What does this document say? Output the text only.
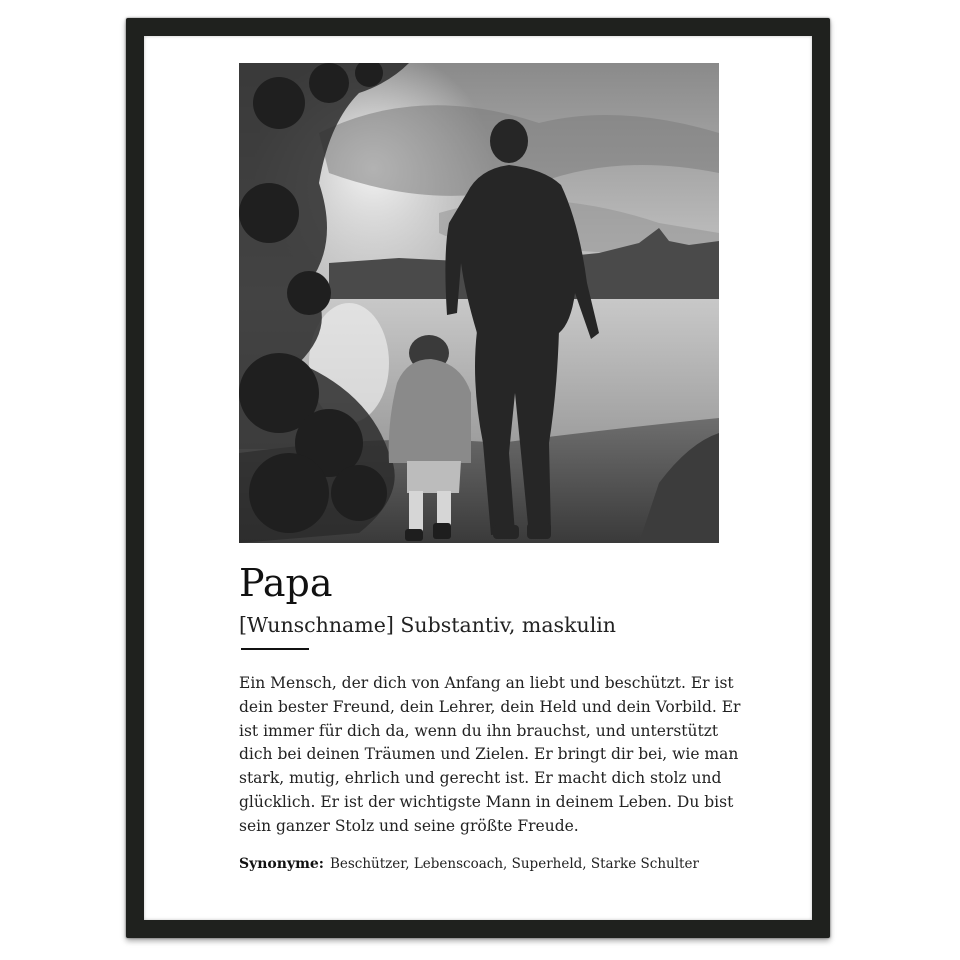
Papa
[Wunschname] Substantiv, maskulin
Ein Mensch, der dich von Anfang an liebt und beschützt. Er ist dein bester Freund, dein Lehrer, dein Held und dein Vorbild. Er ist immer für dich da, wenn du ihn brauchst, und unterstützt dich bei deinen Träumen und Zielen. Er bringt dir bei, wie man stark, mutig, ehrlich und gerecht ist. Er macht dich stolz und glücklich. Er ist der wichtigste Mann in deinem Leben. Du bist sein ganzer Stolz und seine größte Freude.
Synonyme: Beschützer, Lebenscoach, Superheld, Starke Schulter
